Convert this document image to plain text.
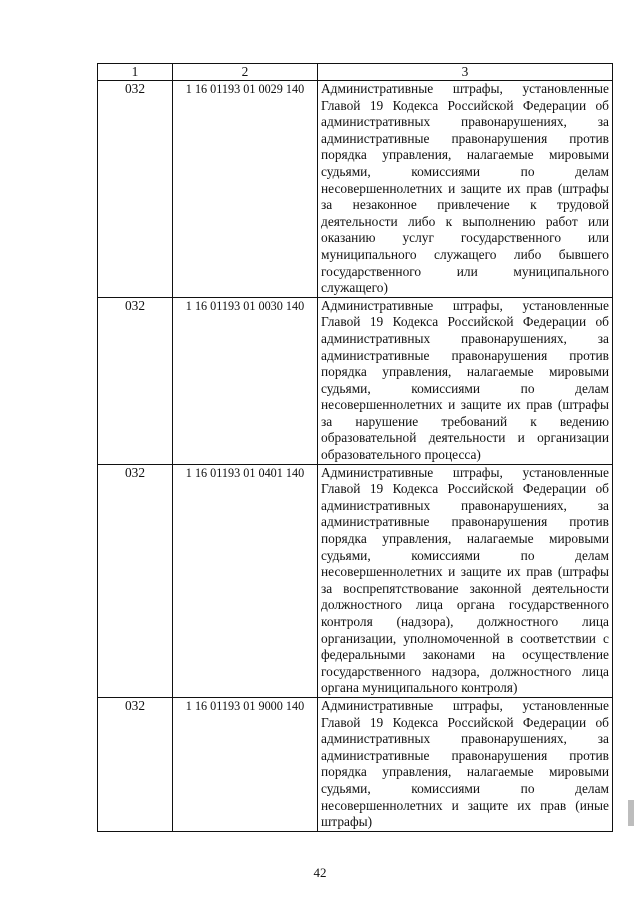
1	2	3
032	1 16 01193 01 0029 140	Административные штрафы, установленные Главой 19 Кодекса Российской Федерации об административных правонарушениях, за административные правонарушения против порядка управления, налагаемые мировыми судьями, комиссиями по делам несовершеннолетних и защите их прав (штрафы за незаконное привлечение к трудовой деятельности либо к выполнению работ или оказанию услуг государственного или муниципального служащего либо бывшего государственного или муниципального служащего)
032	1 16 01193 01 0030 140	Административные штрафы, установленные Главой 19 Кодекса Российской Федерации об административных правонарушениях, за административные правонарушения против порядка управления, налагаемые мировыми судьями, комиссиями по делам несовершеннолетних и защите их прав (штрафы за нарушение требований к ведению образовательной деятельности и организации образовательного процесса)
032	1 16 01193 01 0401 140	Административные штрафы, установленные Главой 19 Кодекса Российской Федерации об административных правонарушениях, за административные правонарушения против порядка управления, налагаемые мировыми судьями, комиссиями по делам несовершеннолетних и защите их прав (штрафы за воспрепятствование законной деятельности должностного лица органа государственного контроля (надзора), должностного лица организации, уполномоченной в соответствии с федеральными законами на осуществление государственного надзора, должностного лица органа муниципального контроля)
032	1 16 01193 01 9000 140	Административные штрафы, установленные Главой 19 Кодекса Российской Федерации об административных правонарушениях, за административные правонарушения против порядка управления, налагаемые мировыми судьями, комиссиями по делам несовершеннолетних и защите их прав (иные штрафы)
42
